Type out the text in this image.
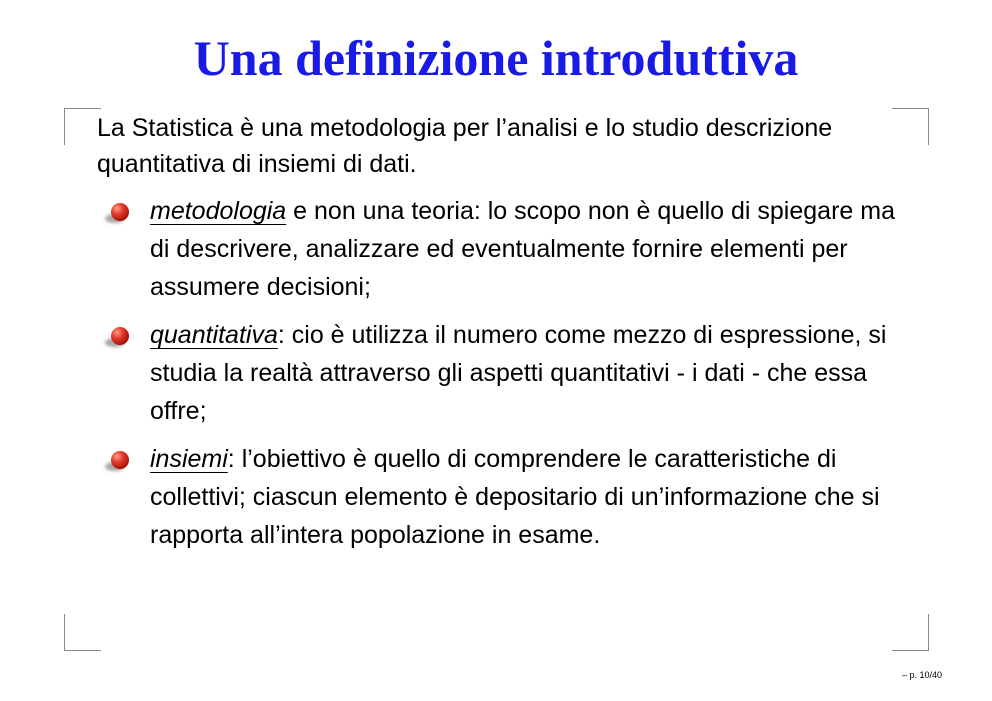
Una definizione introduttiva

La Statistica è una metodologia per l’analisi e lo studio descrizione quantitativa di insiemi di dati.

metodologia e non una teoria: lo scopo non è quello di spiegare ma di descrivere, analizzare ed eventualmente fornire elementi per assumere decisioni;
quantitativa: cio è utilizza il numero come mezzo di espressione, si studia la realtà attraverso gli aspetti quantitativi - i dati - che essa offre;
insiemi: l’obiettivo è quello di comprendere le caratteristiche di collettivi; ciascun elemento è depositario di un’informazione che si rapporta all’intera popolazione in esame.
– p. 10/40
